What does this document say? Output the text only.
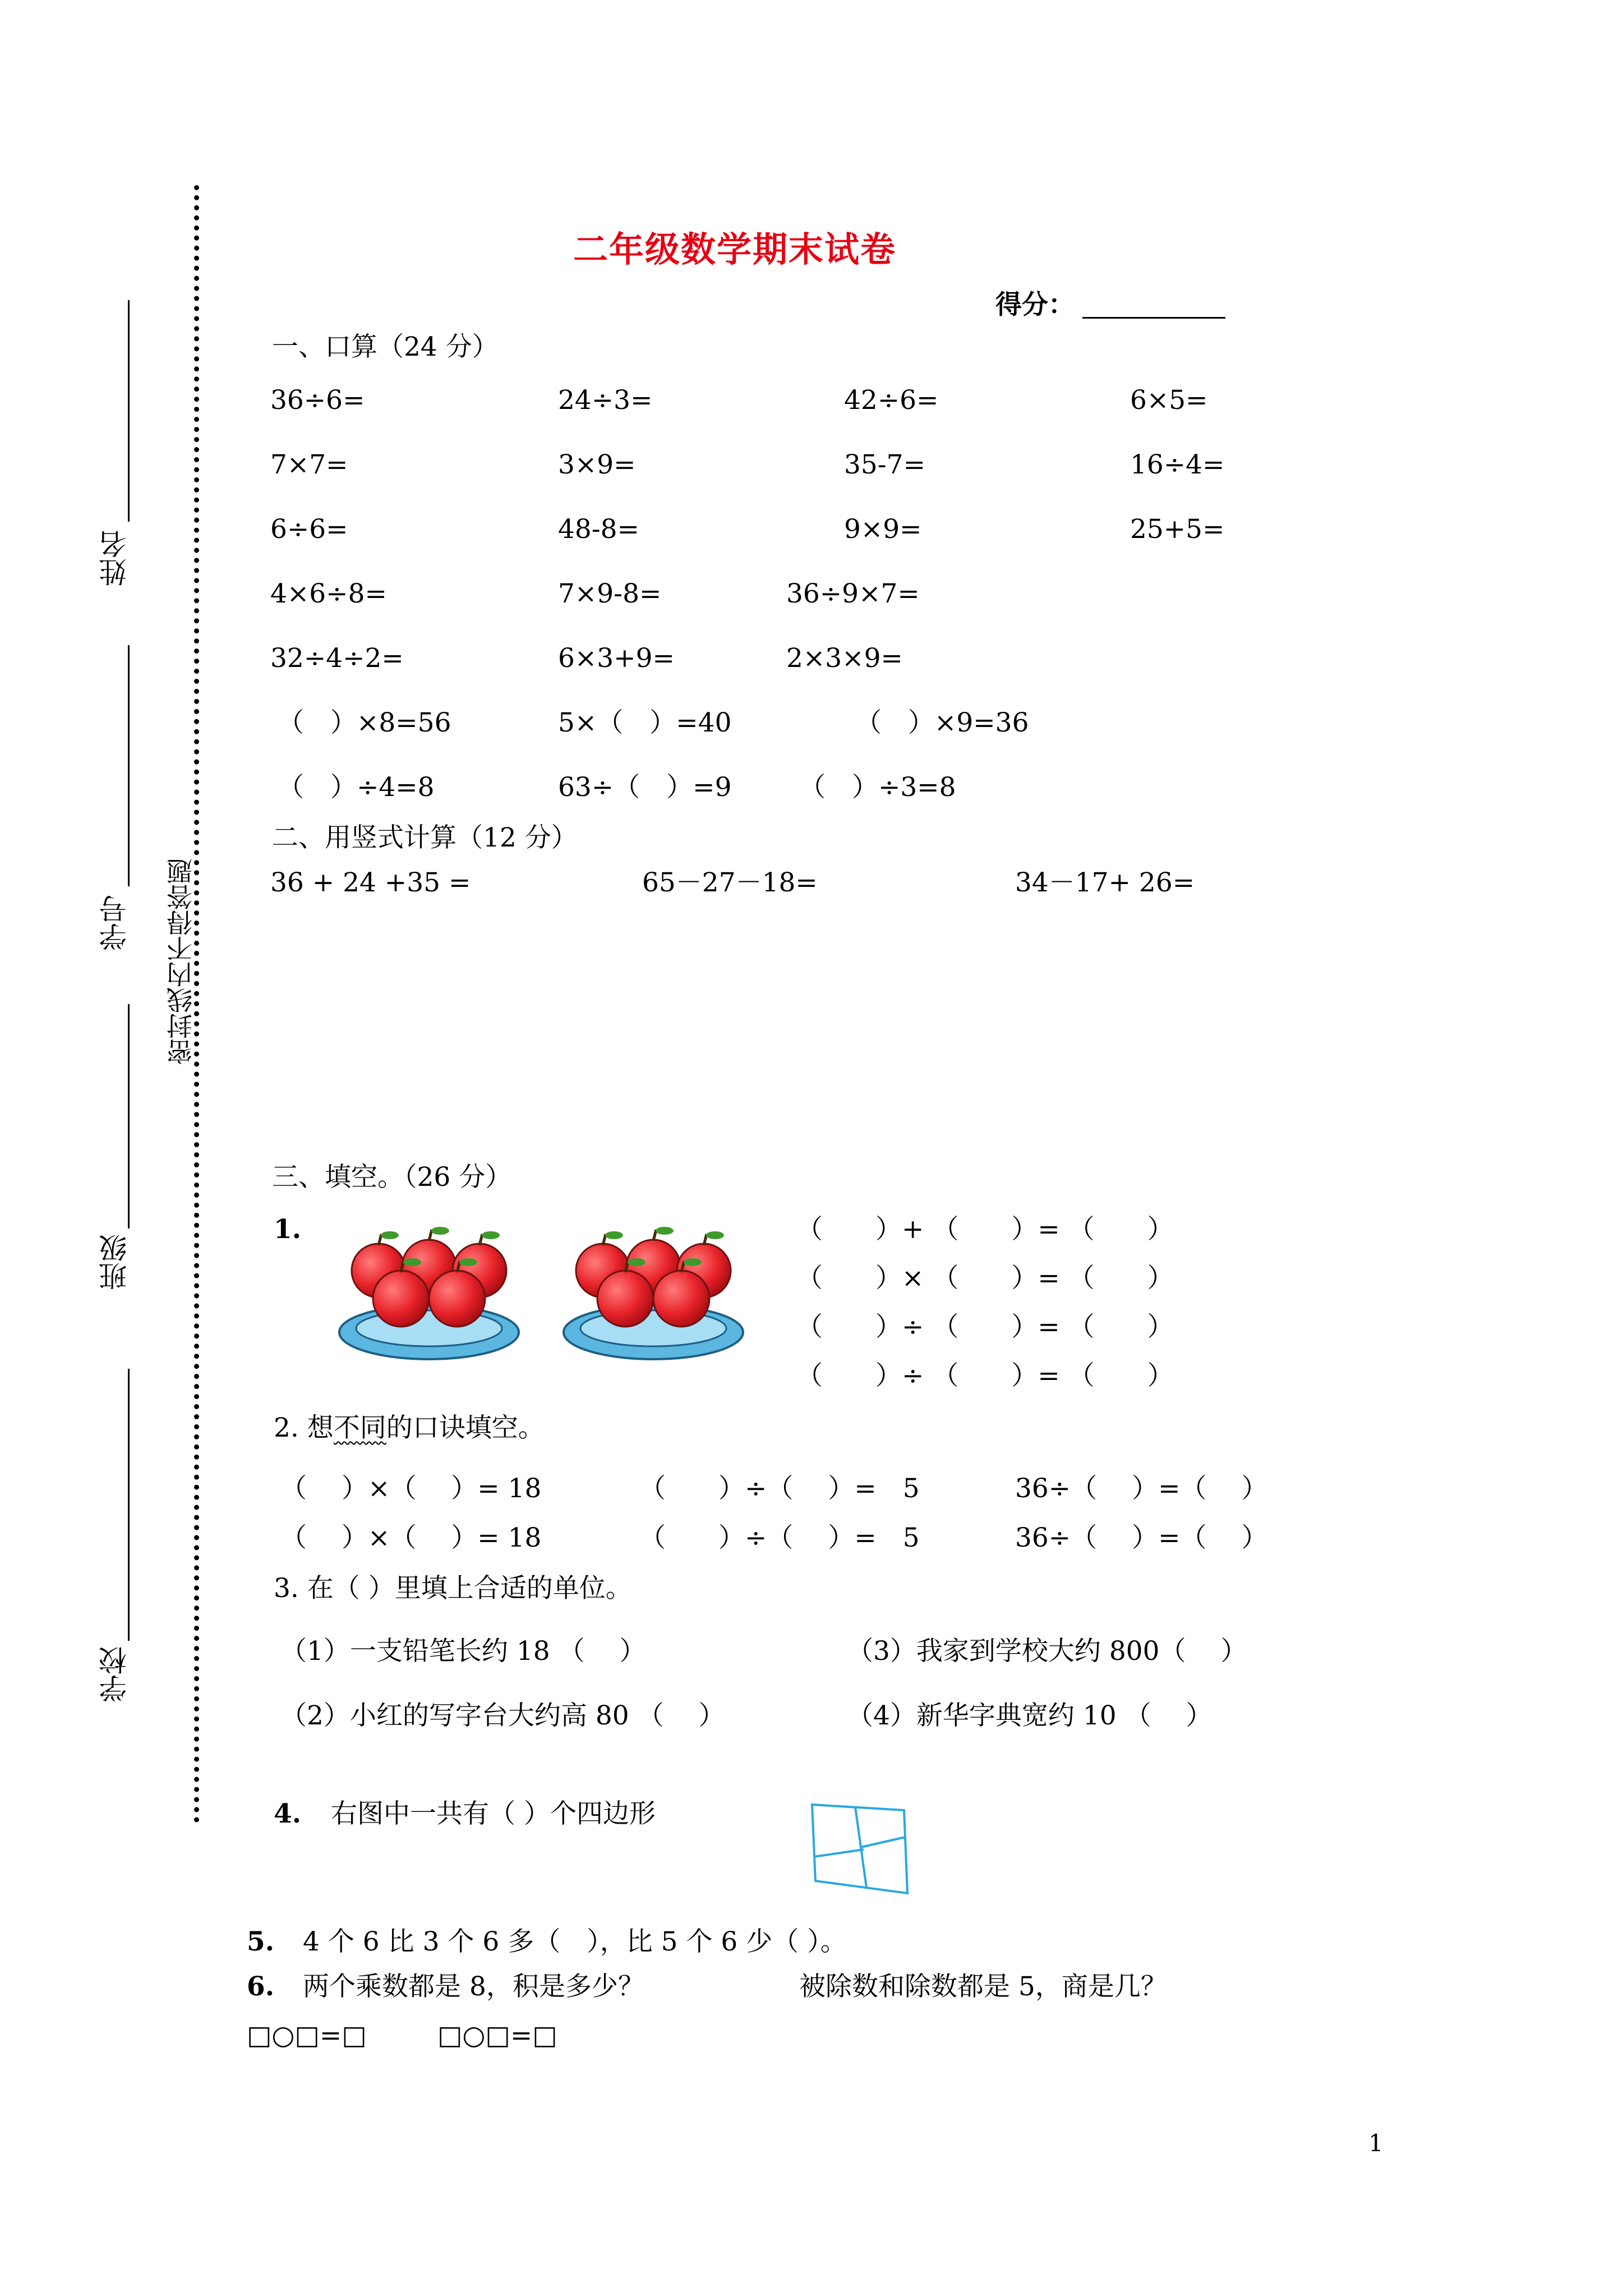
姓名
学号
班级
学校
密封线内不得答题
二年级数学期末试卷
得分：
一、口算（24 分）
36÷6=	24÷3=	42÷6=	6×5=
7×7=	3×9=	35-7=	16÷4=
6÷6=	48-8=	9×9=	25+5=
4×6÷8=	7×9-8=	36÷9×7=
32÷4÷2=	6×3+9=	2×3×9=
（　）×8=56	5×（　）=40	（　）×9=36
（　）÷4=8	63÷（　）=9	（　）÷3=8
二、用竖式计算（12 分）
36 + 24 +35 =	65－27－18=	34－17+ 26=
三、填空。（26 分）
1.	（　　）+ （　　）= （　　）
（　　）× （　　）= （　　）
（　　）÷ （　　）= （　　）
（　　）÷ （　　）= （　　）
2. 想不同的口诀填空。
（　 ）×（　 ）= 18	（　　）÷（　 ）=　5	36÷（　 ）=（　 ）
（　 ）×（　 ）= 18	（　　）÷（　 ）=　5	36÷（　 ）=（　 ）
3. 在（ ）里填上合适的单位。
（1）一支铅笔长约 18 （　 ）	（3）我家到学校大约 800（　 ）
（2）小红的写字台大约高 80 （　 ）	（4）新华字典宽约 10 （　 ）
4. 右图中一共有（ ）个四边形
5. 4 个 6 比 3 个 6 多（　），比 5 个 6 少（ ）。
6. 两个乘数都是 8，积是多少？	被除数和除数都是 5，商是几？
□○□=□	□○□=□
1
